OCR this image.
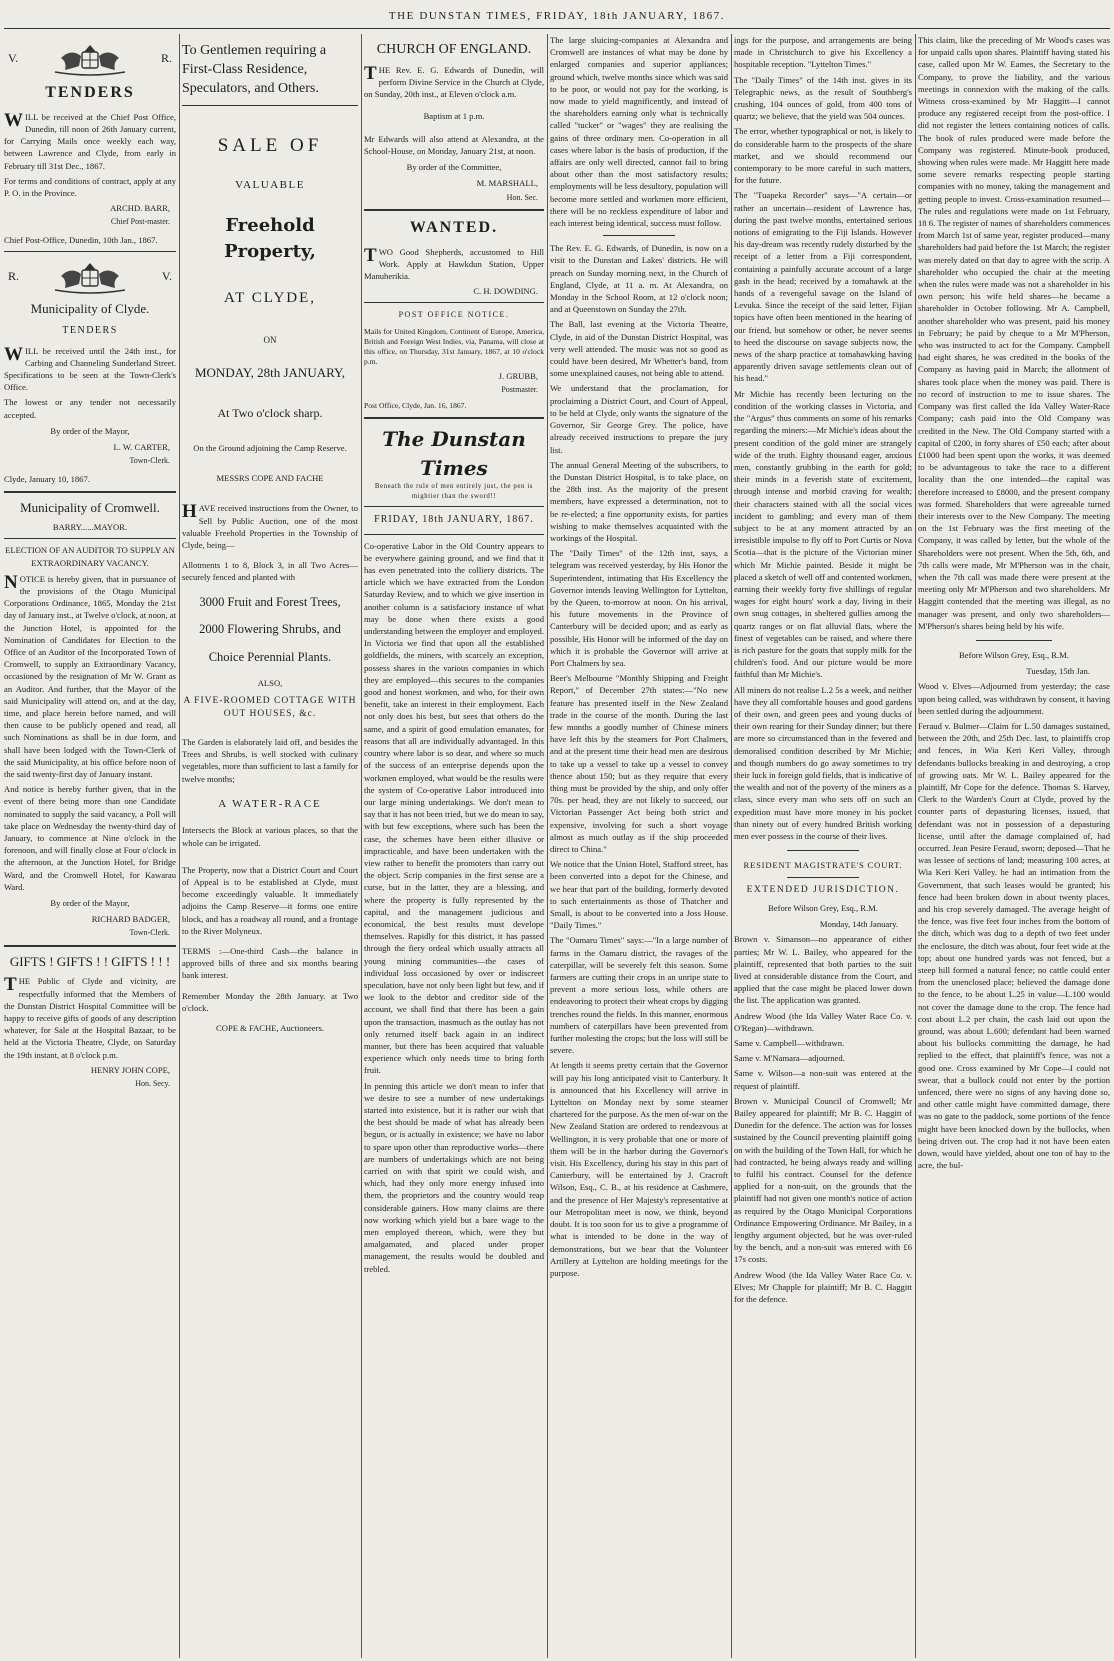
THE DUNSTAN TIMES, FRIDAY, 18th JANUARY, 1867.
V.	R.
TENDERS

WILL be received at the Chief Post Office, Dunedin, till noon of 26th January current, for Carrying Mails once weekly each way, between Lawrence and Clyde, from early in February till 31st Dec., 1867.

For terms and conditions of contract, apply at any P. O. in the Province.

ARCHD. BARR,

Chief Post-master.

Chief Post-Office, Dunedin, 10th Jan., 1867.

R.	V.
Municipality of Clyde.
TENDERS

WILL be received until the 24th inst., for Carbing and Channeling Sunderland Street. Specifications to be seen at the Town-Clerk's Office.

The lowest or any tender not necessarily accepted.

By order of the Mayor,

L. W. CARTER,

Town-Clerk.

Clyde, January 10, 1867.

Municipality of Cromwell.

BARRY......MAYOR.

ELECTION OF AN AUDITOR TO SUPPLY AN EXTRAORDINARY VACANCY.

NOTICE is hereby given, that in pursuance of the provisions of the Otago Municipal Corporations Ordinance, 1865, Monday the 21st day of January inst., at Twelve o'clock, at noon, at the Junction Hotel, is appointed for the Nomination of Candidates for Election to the Office of an Auditor of the Incorporated Town of Cromwell, to supply an Extraordinary Vacancy, occasioned by the resignation of Mr W. Grant as an Auditor. And further, that the Mayor of the said Municipality will attend on, and at the day, time, and place herein before named, and will then cause to be publicly opened and read, all such Nominations as shall be in due form, and shall have been lodged with the Town-Clerk of the said Municipality, at his office before noon of the said twenty-first day of January instant.

And notice is hereby further given, that in the event of there being more than one Candidate nominated to supply the said vacancy, a Poll will take place on Wednesday the twenty-third day of January, to commence at Nine o'clock in the forenoon, and will finally close at Four o'clock in the afternoon, at the Junction Hotel, for Bridge Ward, and the Cromwell Hotel, for Kawarau Ward.

By order of the Mayor,

RICHARD BADGER,

Town-Clerk.

GIFTS ! GIFTS ! ! GIFTS ! ! !

THE Public of Clyde and vicinity, are respectfully informed that the Members of the Dunstan District Hospital Committee will be happy to receive gifts of goods of any description whatever, for Sale at the Hospital Bazaar, to be held at the Victoria Theatre, Clyde, on Saturday the 19th instant, at 8 o'clock p.m.

HENRY JOHN COPE,

Hon. Secy.

To Gentlemen requiring a First-Class Residence, Speculators, and Others.
SALE OF
VALUABLE
Freehold Property,
AT CLYDE,
ON
MONDAY, 28th JANUARY,
At Two o'clock sharp.

On the Ground adjoining the Camp Reserve.

MESSRS COPE AND FACHE

HAVE received instructions from the Owner, to Sell by Public Auction, one of the most valuable Freehold Properties in the Township of Clyde, being—

Allotments 1 to 8, Block 3, in all Two Acres—securely fenced and planted with

3000 Fruit and Forest Trees,
2000 Flowering Shrubs, and
Choice Perennial Plants.

ALSO,

A FIVE-ROOMED COTTAGE WITH OUT HOUSES, &c.

The Garden is elaborately laid off, and besides the Trees and Shrubs, is well stocked with culinary vegetables, more than sufficient to last a family for twelve months;

A WATER-RACE

Intersects the Block at various places, so that the whole can be irrigated.

The Property, now that a District Court and Court of Appeal is to be established at Clyde, must become exceedingly valuable. It immediately adjoins the Camp Reserve—it forms one entire block, and has a roadway all round, and a frontage to the River Molyneux.

TERMS :—One-third Cash—the balance in approved bills of three and six months bearing bank interest.

Remember Monday the 28th January. at Two o'clock.

COPE & FACHE, Auctioneers.

CHURCH OF ENGLAND.

THE Rev. E. G. Edwards of Dunedin, will perform Divine Service in the Church at Clyde, on Sunday, 20th inst., at Eleven o'clock a.m.

Baptism at 1 p.m.

Mr Edwards will also attend at Alexandra, at the School-House, on Monday, January 21st, at noon.

By order of the Committee,

M. MARSHALL,

Hon. Sec.

WANTED.

TWO Good Shepherds, accustomed to Hill Work. Apply at Hawkdun Station, Upper Manuherikia.

C. H. DOWDING.

POST OFFICE NOTICE.

Mails for United Kingdom, Continent of Europe, America, British and Foreign West Indies, via, Panama, will close at this office, on Thursday, 31st January, 1867, at 10 o'clock p.m.

J. GRUBB,

Postmaster.

Post Office, Clyde, Jan. 16, 1867.

The Dunstan Times
Beneath the rule of men entirely just, the pen is mightier than the sword!!
FRIDAY, 18th JANUARY, 1867.

Co-operative Labor in the Old Country appears to be everywhere gaining ground, and we find that it has even penetrated into the colliery districts. The article which we have extracted from the London Saturday Review, and to which we give insertion in another column is a satisfactory instance of what may be done when there exists a good understanding between the employer and employed. In Victoria we find that upon all the established goldfields, the miners, with scarcely an exception, possess shares in the various companies in which they are employed—this secures to the companies good and honest workmen, and who, for their own benefit, take an interest in their employment. Each not only does his best, but sees that others do the same, and a spirit of good emulation emanates, for reasons that all are individually advantaged. In this country where labor is so dear, and where so much of the success of an enterprise depends upon the workmen employed, what would be the results were the system of Co-operative Labor introduced into our large mining undertakings. We don't mean to say that it has not been tried, but we do mean to say, with but few exceptions, where such has been the case, the schemes have been either illusive or impracticable, and have been undertaken with the view rather to benefit the promoters than carry out the object. Scrip companies in the first sense are a curse, but in the latter, they are a blessing, and where the property is fully represented by the capital, and the management judicious and economical, the best results must develope themselves. Rapidly for this district, it has passed through the fiery ordeal which usually attracts all young mining communities—the cases of individual loss occasioned by over or indiscreet speculation, have not only been light but few, and if we look to the debtor and creditor side of the account, we shall find that there has been a gain upon the transaction, inasmuch as the outlay has not only returned itself back again in an indirect manner, but there has been acquired that valuable experience which only needs time to bring forth fruit.

In penning this article we don't mean to infer that we desire to see a number of new undertakings started into existence, but it is rather our wish that the best should be made of what has already been begun, or is actually in existence; we have no labor to spare upon other than reproductive works—there are numbers of undertakings which are not being carried on with that spirit we could wish, and which, had they only more energy infused into them, the proprietors and the country would reap considerable gainers. How many claims are there now working which yield but a bare wage to the men employed thereon, which, were they but amalgamated, and placed under proper management, the results would be doubled and trebled.

The large sluicing-companies at Alexandra and Cromwell are instances of what may be done by enlarged companies and superior appliances; ground which, twelve months since which was said to be poor, or would not pay for the working, is now made to yield magnificently, and instead of the shareholders earning only what is technically called "tucker" or "wages" they are realising the gains of three ordinary men. Co-operation in all cases where labor is the basis of production, if the affairs are only well directed, cannot fail to bring about other than the most satisfactory results; employments will be less desultory, population will become more settled and workmen more efficient, there will be no reckless expenditure of labor and each interest being identical, success must follow.

The Rev. E. G. Edwards, of Dunedin, is now on a visit to the Dunstan and Lakes' districts. He will preach on Sunday morning next, in the Church of England, Clyde, at 11 a. m. At Alexandra, on Monday in the School Room, at 12 o'clock noon; and at Queenstown on Sunday the 27th.

The Ball, last evening at the Victoria Theatre, Clyde, in aid of the Dunstan District Hospital, was very well attended. The music was not so good as could have been desired, Mr Whetter's band, from some unexplained causes, not being able to attend.

We understand that the proclamation, for proclaiming a District Court, and Court of Appeal, to be held at Clyde, only wants the signature of the Governor, Sir George Grey. The police, have already received instructions to prepare the jury list.

The annual General Meeting of the subscribers, to the Dunstan District Hospital, is to take place, on the 28th inst. As the majority of the present members, have expressed a determination, not to be re-elected; a fine opportunity exists, for parties wishing to make themselves acquainted with the workings of the Hospital.

The "Daily Times" of the 12th inst, says, a telegram was received yesterday, by His Honor the Superintendent, intimating that His Excellency the Governor intends leaving Wellington for Lyttelton, by the Queen, to-morrow at noon. On his arrival, his future movements in the Province of Canterbury will be decided upon; and as early as possible, His Honor will be informed of the day on which it is probable the Governor will arrive at Port Chalmers by sea.

Beer's Melbourne "Monthly Shipping and Freight Report," of December 27th states:—"No new feature has presented itself in the New Zealand trade in the course of the month. During the last few months a goodly number of Chinese miners have left this by the steamers for Port Chalmers, and at the present time their head men are desirous to take up a vessel to take up a vessel to convey thence about 150; but as they require that every thing must be provided by the ship, and only offer 70s. per head, they are not likely to succeed, our Victorian Passenger Act being both strict and expensive, involving for such a short voyage almost as much outlay as if the ship proceeded direct to China."

We notice that the Union Hotel, Stafford street, has been converted into a depot for the Chinese, and we hear that part of the building, formerly devoted to such entertainments as those of Thatcher and Small, is about to be converted into a Joss House. "Daily Times."

The "Oamaru Times" says:—"In a large number of farms in the Oamaru district, the ravages of the caterpillar, will be severely felt this season. Some farmers are cutting their crops in an unripe state to prevent a more serious loss, while others are endeavoring to protect their wheat crops by digging trenches round the fields. In this manner, enormous numbers of caterpillars have been prevented from further molesting the crops; but the loss will still be severe.

At length it seems pretty certain that the Governor will pay his long anticipated visit to Canterbury. It is announced that his Excellency will arrive in Lyttelton on Monday next by some steamer chartered for the purpose. As the men of-war on the New Zealand Station are ordered to rendezvous at Wellington, it is very probable that one or more of them will be in the harbor during the Governor's visit. His Excellency, during his stay in this part of Canterbury, will be entertained by J. Cracroft Wilson, Esq., C. B., at his residence at Cashmere, and the presence of Her Majesty's representative at our Metropolitan meet is now, we think, beyond doubt. It is too soon for us to give a programme of what is intended to be done in the way of demonstrations, but we hear that the Volunteer Artillery at Lyttelton are holding meetings for the purpose.

ings for the purpose, and arrangements are being made in Christchurch to give his Excellency a hospitable reception. "Lyttelton Times."

The "Daily Times" of the 14th inst. gives in its Telegraphic news, as the result of Southberg's crushing, 104 ounces of gold, from 400 tons of quartz; we believe, that the yield was 504 ounces.

The error, whether typographical or not, is likely to do considerable harm to the prospects of the share market, and we should recommend our contemporary to be more careful in such matters, for the future.

The "Tuapeka Recorder" says—"A certain—or rather an uncertain—resident of Lawrence has, during the past twelve months, entertained serious notions of emigrating to the Fiji Islands. However his day-dream was recently rudely disturbed by the receipt of a letter from a Fiji correspondent, containing a painfully accurate account of a large gash in the head; received by a tomahawk at the hands of a revengeful savage on the Island of Levuka. Since the receipt of the said letter, Fijian topics have often been mentioned in the hearing of our friend, but somehow or other, he never seems to heed the discourse on savage subjects now, the news of the sharp practice at tomahawking having apparently driven savage settlements clean out of his head."

Mr Michie has recently been lecturing on the condition of the working classes in Victoria, and the "Argus" thus comments on some of his remarks regarding the miners:—Mr Michie's ideas about the present condition of the gold miner are strangely wide of the truth. Eighty thousand eager, anxious men, constantly grubbing in the earth for gold; their minds in a feverish state of excitement, through intense and morbid craving for wealth; their characters stained with all the social vices incident to gambling; and every man of them subject to be at any moment attracted by an irresistible impulse to fly off to Port Curtis or Nova Scotia—that is the picture of the Victorian miner which Mr Michie painted. Beside it might be placed a sketch of well off and contented workmen, earning their weekly forty five shillings of regular wages for eight hours' work a day, living in their own snug cottages, in sheltered gullies among the quartz ranges or on flat alluvial flats, where the finest of vegetables can be raised, and where there is rich pasture for the goats that supply milk for the children's food. And our picture would be more faithful than Mr Michie's.

All miners do not realise L.2 5s a week, and neither have they all comfortable houses and good gardens of their own, and green pees and young ducks of their own rearing for their Sunday dinner; but there are more so circumstanced than in the fevered and demoralised condition described by Mr Michie; and though numbers do go away sometimes to try their luck in foreign gold fields, that is indicative of the wealth and not of the poverty of the miners as a class, since every man who sets off on such an expedition must have more money in his pocket than ninety out of every hundred British working men ever possess in the course of their lives.

RESIDENT MAGISTRATE'S COURT.

EXTENDED JURISDICTION.

Before Wilson Grey, Esq., R.M.

Monday, 14th January.

Brown v. Simanson—no appearance of either parties; Mr W. L. Bailey, who appeared for the plaintiff, represented that both parties to the suit lived at considerable distance from the Court, and applied that the case might be placed lower down the list. The application was granted.

Andrew Wood (the Ida Valley Water Race Co. v. O'Regan)—withdrawn.

Same v. Campbell—withdrawn.

Same v. M'Namara—adjourned.

Same v. Wilson—a non-suit was entered at the request of plaintiff.

Brown v. Municipal Council of Cromwell; Mr Bailey appeared for plaintiff; Mr B. C. Haggitt of Dunedin for the defence. The action was for losses sustained by the Council preventing plaintiff going on with the building of the Town Hall, for which he had contracted, he being always ready and willing to fulfil his contract. Counsel for the defence applied for a non-suit, on the grounds that the plaintiff had not given one month's notice of action as required by the Otago Municipal Corporations Ordinance Empowering Ordinance. Mr Bailey, in a lengthy argument objected, but he was over-ruled by the bench, and a non-suit was entered with £6 17s costs.

Andrew Wood (the Ida Valley Water Race Co. v. Elves; Mr Chapple for plaintiff; Mr B. C. Haggitt for the defence.

This claim, like the preceding of Mr Wood's cases was for unpaid calls upon shares. Plaintiff having stated his case, called upon Mr W. Eames, the Secretary to the Company, to prove the liability, and the various meetings in connexion with the making of the calls. Witness cross-examined by Mr Haggitt—I cannot produce any registered receipt from the post-office. I did not register the letters containing notices of calls. The book of rules produced were made before the Company was registered. Minute-book produced, showing when rules were made. Mr Haggitt here made some severe remarks respecting people starting companies with no money, taking the management and getting people to invest. Cross-examination resumed—The rules and regulations were made on 1st February, 18 6. The register of names of shareholders commences from March 1st of same year, register produced—many shareholders had paid before the 1st March; the register was merely dated on that day to agree with the scrip. A shareholder who occupied the chair at the meeting when the rules were made was not a shareholder in his own person; his wife held shares—he became a shareholder in October following. Mr A. Campbell, another shareholder who was present, paid his money in February; he paid by cheque to a Mr M'Pherson, who was instructed to act for the Company. Campbell had eight shares, he was credited in the books of the Company as having paid in March; the allotment of shares took place when the money was paid. There is no record of instruction to me to issue shares. The Company was first called the Ida Valley Water-Race Company; cash paid into the Old Company was credited in the New. The Old Company started with a capital of £200, in forty shares of £50 each; after about £1000 had been spent upon the works, it was deemed to be advantageous to take the race to a different locality than the one intended—the capital was therefore increased to £8000, and the present company was formed. Shareholders that were agreeable turned their interests over to the New Company. The meeting on the 1st February was the first meeting of the Company, it was called by letter, but the whole of the Shareholders were not present. When the 5th, 6th, and 7th calls were made, Mr M'Pherson was in the chair, when the 7th call was made there were present at the meeting only Mr M'Pherson and two shareholders. Mr Haggitt contended that the meeting was illegal, as no manager was present, and only two shareholders—M'Pherson's shares being held by his wife.

Before Wilson Grey, Esq., R.M.

Tuesday, 15th Jan.

Wood v. Elves—Adjourned from yesterday; the case upon being called, was withdrawn by consent, it having been settled during the adjournment.

Feraud v. Bulmer—Claim for L.50 damages sustained, between the 20th, and 25th Dec. last, to plaintiffs crop and fences, in Wia Keri Keri Valley, through defendants bullocks breaking in and destroying, a crop of growing oats. Mr W. L. Bailey appeared for the plaintiff, Mr Cope for the defence. Thomas S. Harvey, Clerk to the Warden's Court at Clyde, proved by the counter parts of depasturing licenses, issued, that defendant was not in possession of a depasturing license, until after the damage complained of, had occurred. Jean Pesire Feraud, sworn; deposed—That he was lessee of sections of land; measuring 100 acres, at Wia Keri Keri Valley. he had an intimation from the Government, that such leases would be granted; his fence had been broken down in about twenty places, and his crop severely damaged. The average height of the fence, was five feet four inches from the bottom of the ditch, which was dug to a depth of two feet under the enclosure, the ditch was about, four feet wide at the top; about one hundred yards was not fenced, but a steep hill formed a natural fence; no cattle could enter from the unenclosed place; believed the damage done to the fence, to be about L.25 in value—L.100 would not cover the damage done to the crop. The fence had cost about L.2 per chain, the cash laid out upon the ground, was about L.600; defendant had been warned about his bullocks committing the damage, he had replied to the effect, that plaintiff's fence, was not a good one. Cross examined by Mr Cope—I could not swear, that a bullock could not enter by the portion unfenced, there were no signs of any having done so, and other cattle might have committed damage, there was no gate to the paddock, some portions of the fence might have been knocked down by the bullocks, when being driven out. The crop had it not have been eaten down, would have yielded, about one ton of hay to the acre, the bul-
